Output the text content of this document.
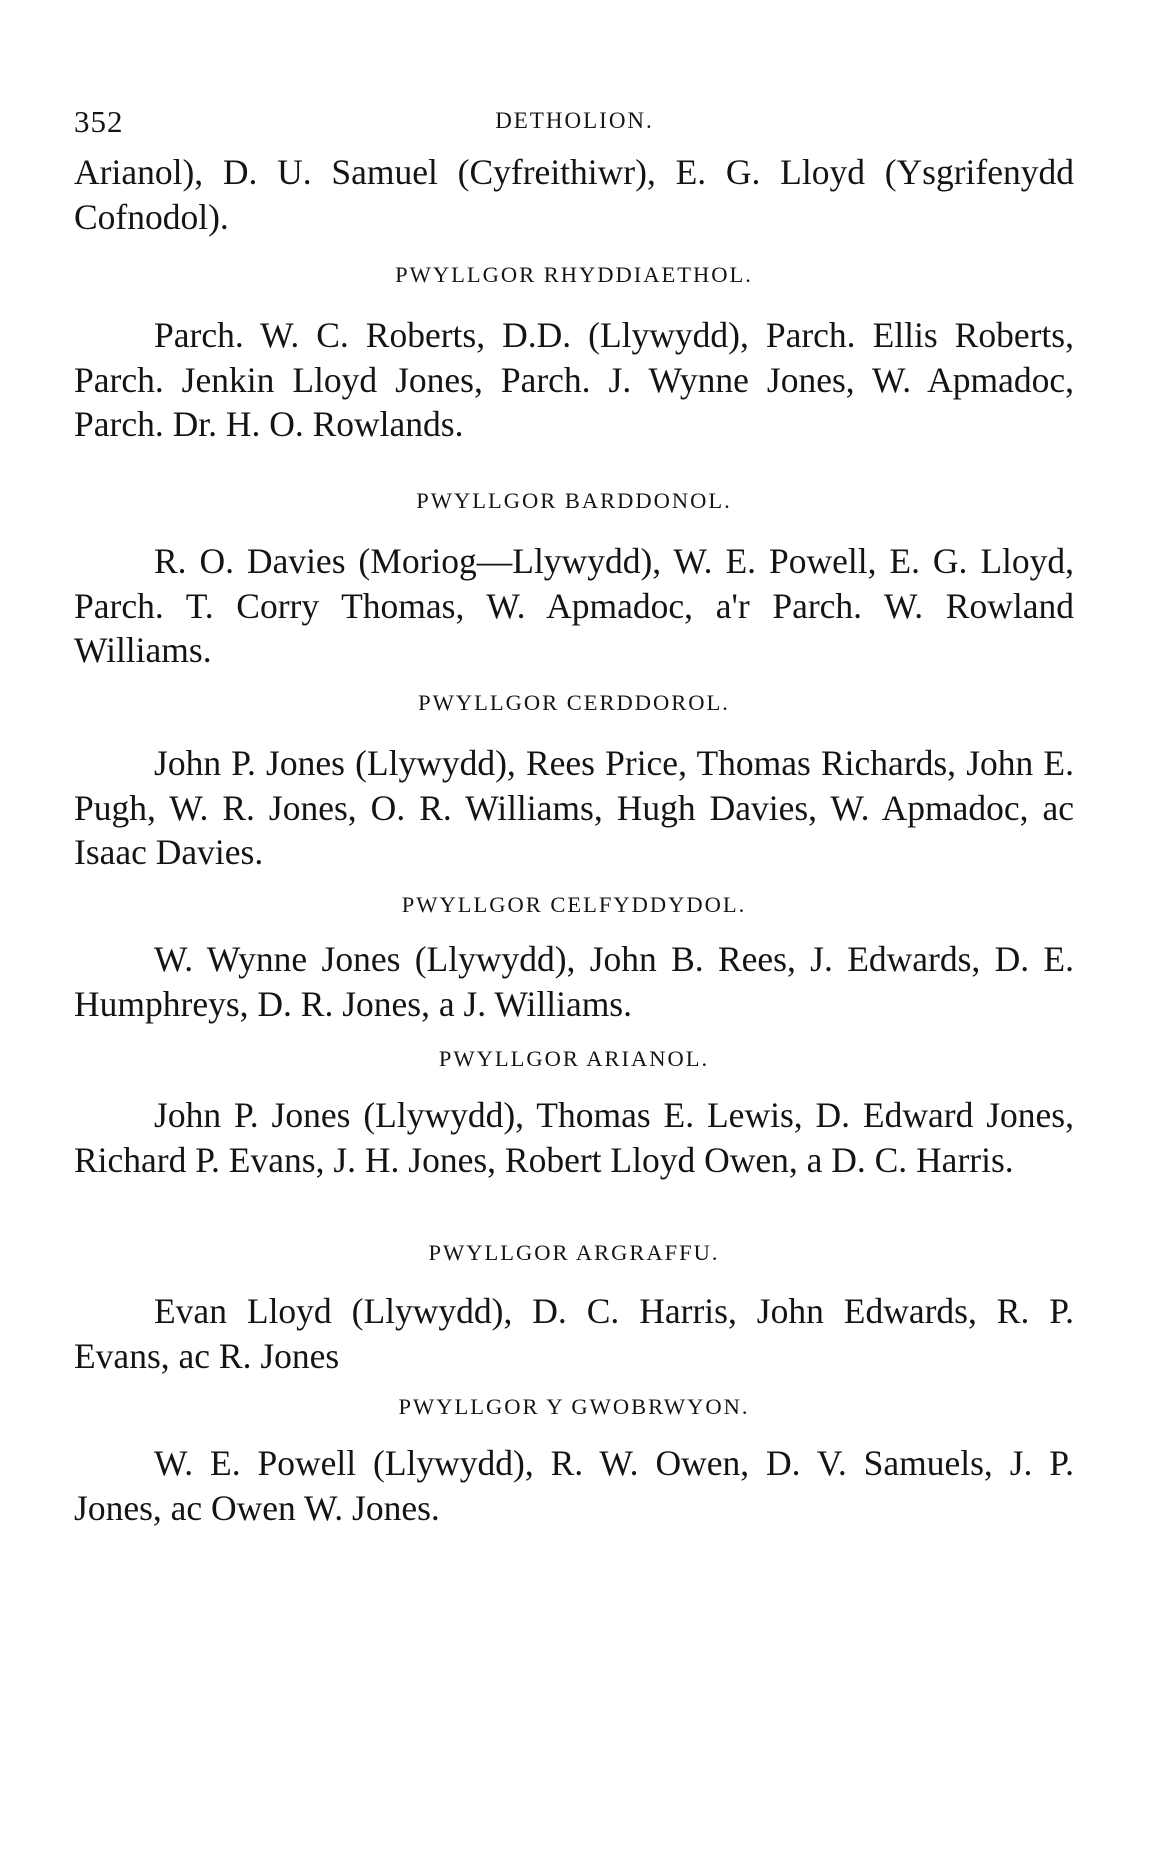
352	DETHOLION.

Arianol), D. U. Samuel (Cyfreithiwr), E. G. Lloyd (Ysgrifenydd Cofnodol).

PWYLLGOR RHYDDIAETHOL.

Parch. W. C. Roberts, D.D. (Llywydd), Parch. Ellis Roberts, Parch. Jenkin Lloyd Jones, Parch. J. Wynne Jones, W. Apmadoc, Parch. Dr. H. O. Rowlands.

PWYLLGOR BARDDONOL.

R. O. Davies (Moriog—Llywydd), W. E. Powell, E. G. Lloyd, Parch. T. Corry Thomas, W. Apmadoc, a'r Parch. W. Rowland Williams.

PWYLLGOR CERDDOROL.

John P. Jones (Llywydd), Rees Price, Thomas Richards, John E. Pugh, W. R. Jones, O. R. Williams, Hugh Davies, W. Apmadoc, ac Isaac Davies.

PWYLLGOR CELFYDDYDOL.

W. Wynne Jones (Llywydd), John B. Rees, J. Edwards, D. E. Humphreys, D. R. Jones, a J. Williams.

PWYLLGOR ARIANOL.

John P. Jones (Llywydd), Thomas E. Lewis, D. Edward Jones, Richard P. Evans, J. H. Jones, Robert Lloyd Owen, a D. C. Harris.

PWYLLGOR ARGRAFFU.

Evan Lloyd (Llywydd), D. C. Harris, John Edwards, R. P. Evans, ac R. Jones

PWYLLGOR Y GWOBRWYON.

W. E. Powell (Llywydd), R. W. Owen, D. V. Samuels, J. P. Jones, ac Owen W. Jones.
